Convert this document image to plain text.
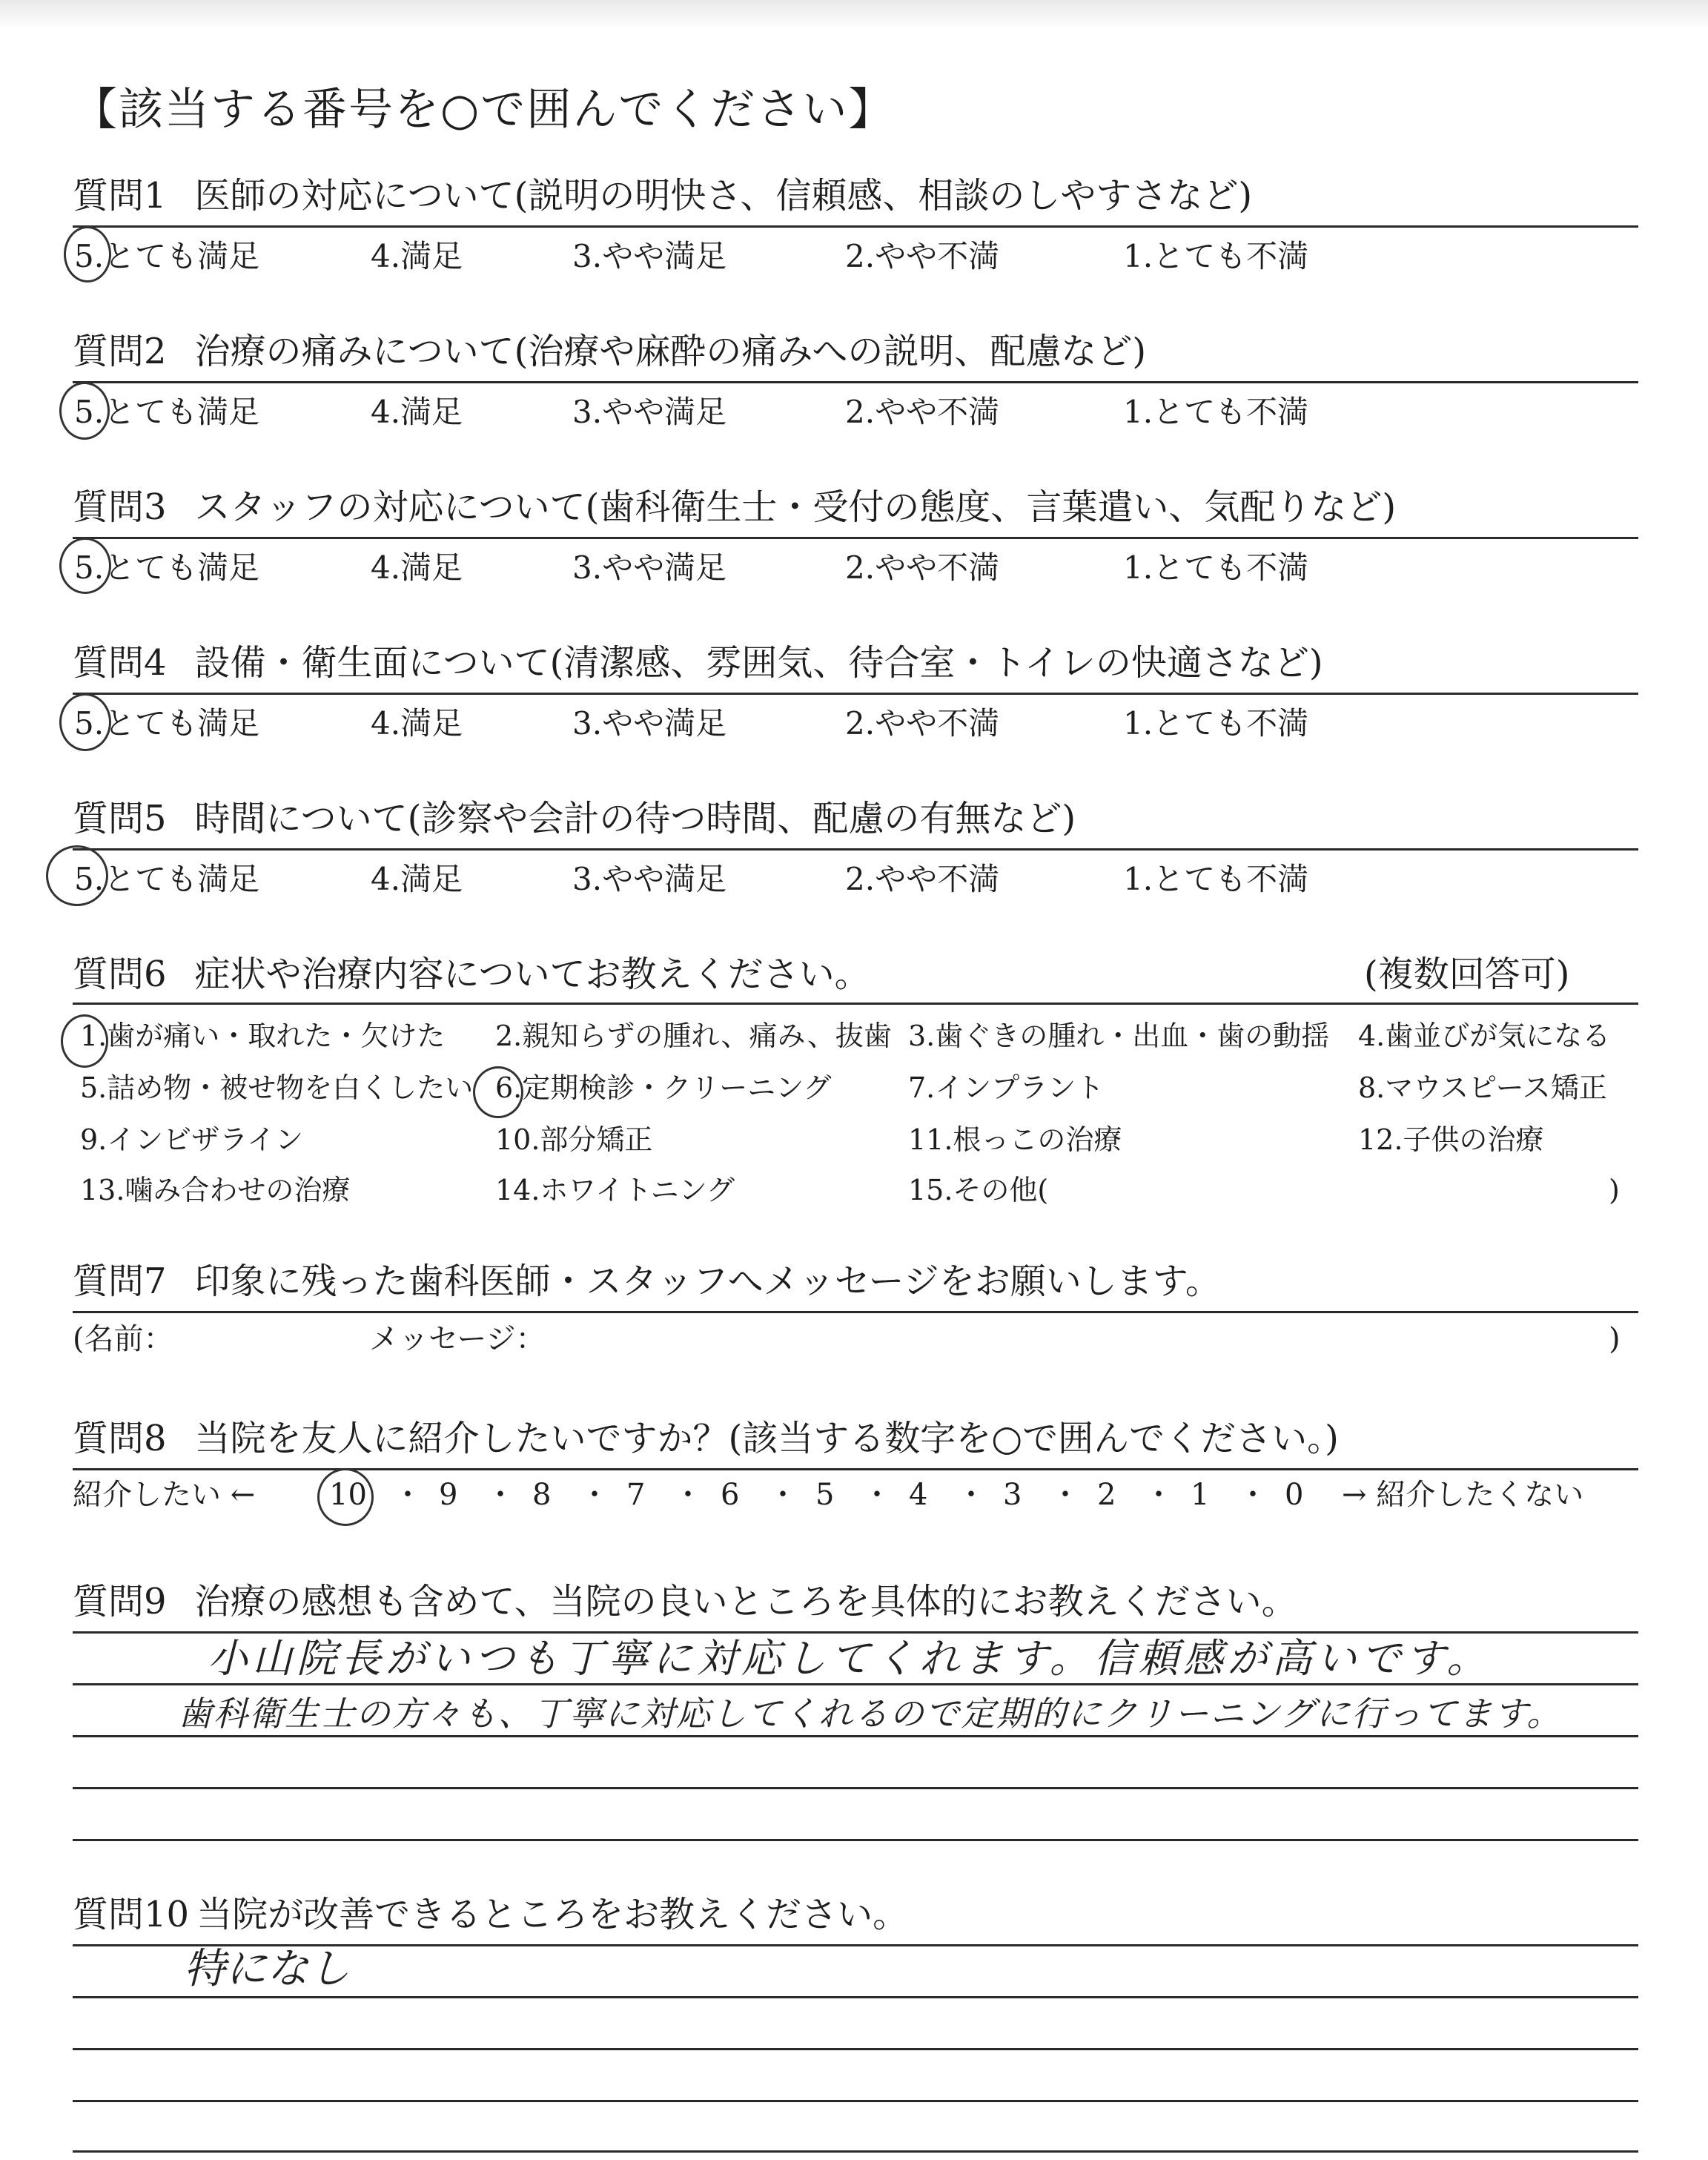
【該当する番号を○で囲んでください】
質問1 医師の対応について(説明の明快さ、信頼感、相談のしやすさなど)
5.とても満足	4.満足	3.やや満足	2.やや不満	1.とても不満
質問2 治療の痛みについて(治療や麻酔の痛みへの説明、配慮など)
5.とても満足	4.満足	3.やや満足	2.やや不満	1.とても不満
質問3 スタッフの対応について(歯科衛生士・受付の態度、言葉遣い、気配りなど)
5.とても満足	4.満足	3.やや満足	2.やや不満	1.とても不満
質問4 設備・衛生面について(清潔感、雰囲気、待合室・トイレの快適さなど)
5.とても満足	4.満足	3.やや満足	2.やや不満	1.とても不満
質問5 時間について(診察や会計の待つ時間、配慮の有無など)
5.とても満足	4.満足	3.やや満足	2.やや不満	1.とても不満
質問6 症状や治療内容についてお教えください。	(複数回答可)
1.歯が痛い・取れた・欠けた 2.親知らずの腫れ、痛み、抜歯 3.歯ぐきの腫れ・出血・歯の動揺 4.歯並びが気になる
5.詰め物・被せ物を白くしたい 6.定期検診・クリーニング	7.インプラント	8.マウスピース矯正
9.インビザライン	10.部分矯正	11.根っこの治療	12.子供の治療
13.噛み合わせの治療	14.ホワイトニング	15.その他(	)
質問7 印象に残った歯科医師・スタッフへメッセージをお願いします。
(名前：	メッセージ：	)
質問8 当院を友人に紹介したいですか？(該当する数字を○で囲んでください。)
紹介したい ← 10 ・ 9 ・ 8 ・ 7 ・ 6 ・ 5 ・ 4 ・ 3 ・ 2 ・ 1 ・ 0 → 紹介したくない
質問9 治療の感想も含めて、当院の良いところを具体的にお教えください。
小山院長がいつも丁寧に対応してくれます。信頼感が高いです。
歯科衛生士の方々も、丁寧に対応してくれるので定期的にクリーニングに行ってます。
質問10 当院が改善できるところをお教えください。
特になし
